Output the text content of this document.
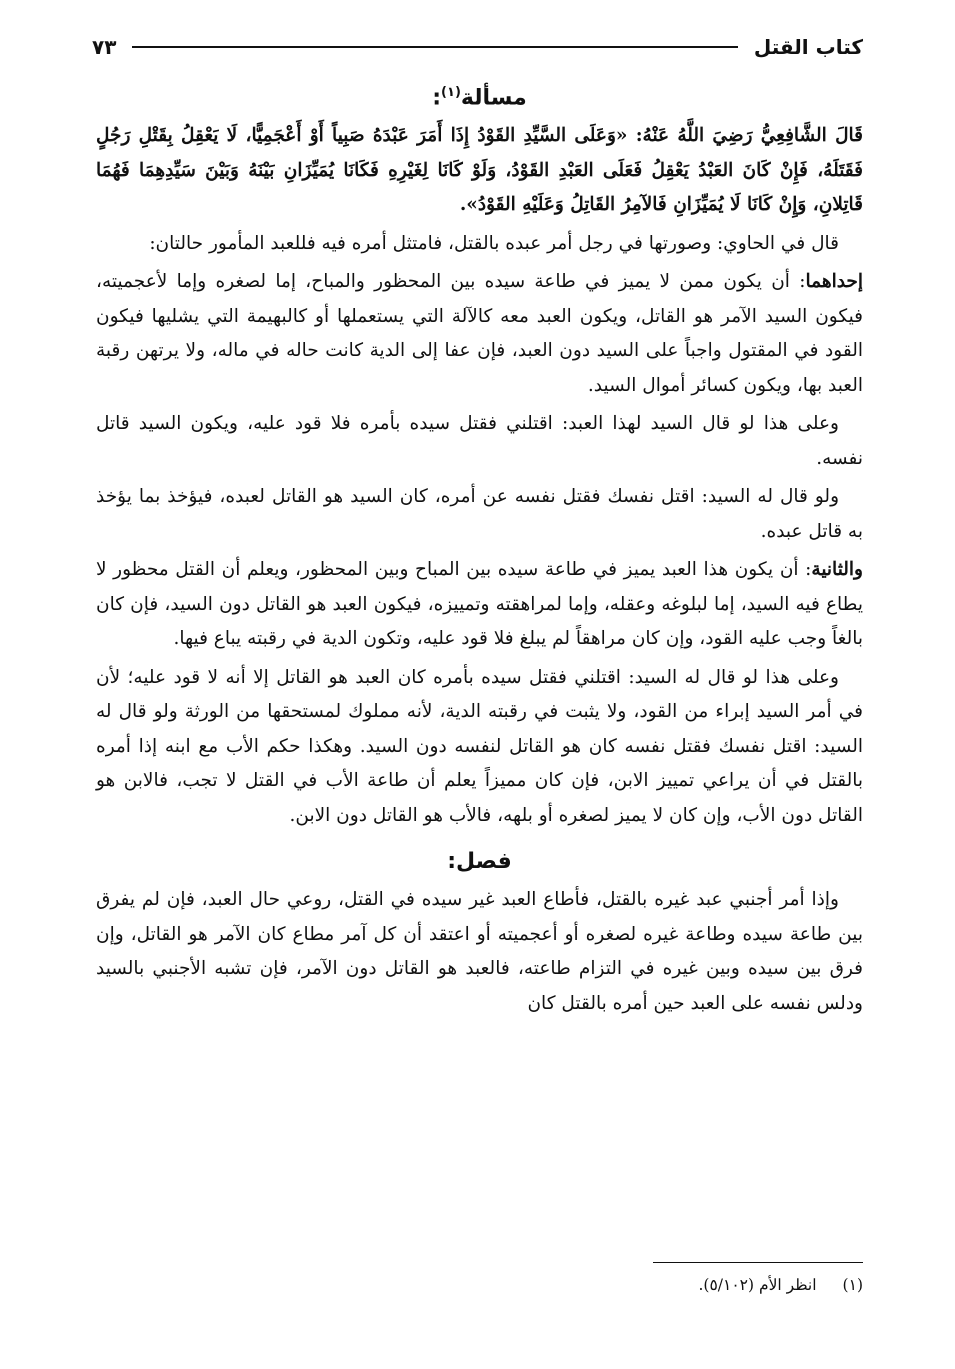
كتاب القتل
٧٣
مسألة$^{(١)}$:

قَالَ الشَّافِعِيُّ رَضِيَ اللَّهُ عَنْهُ: «وَعَلَى السَّيِّدِ القَوْدُ إِذَا أَمَرَ عَبْدَهُ صَبِياً أَوْ أَعْجَمِيًّا، لَا يَعْقِلُ بِقَتْلِ رَجُلٍ فَقَتَلَهُ، فَإِنْ كَانَ العَبْدُ يَعْقِلُ فَعَلَى العَبْدِ القَوْدُ، وَلَوْ كَانَا لِغَيْرِهِ فَكَانَا يُمَيِّزَانِ بَيْنَهُ وَبَيْنَ سَيِّدِهِمَا فَهُمَا قَاتِلانِ، وَإِنْ كَانَا لَا يُمَيِّزَانِ فَالآمِرُ القَاتِلُ وَعَلَيْهِ القَوْدُ».

قال في الحاوي: وصورتها في رجل أمر عبده بالقتل، فامتثل أمره فيه فللعبد المأمور حالتان:

إحداهما: أن يكون ممن لا يميز في طاعة سيده بين المحظور والمباح، إما لصغره وإما لأعجميته، فيكون السيد الآمر هو القاتل، ويكون العبد معه كالآلة التي يستعملها أو كالبهيمة التي يشليها فيكون القود في المقتول واجباً على السيد دون العبد، فإن عفا إلى الدية كانت حاله في ماله، ولا يرتهن رقبة العبد بها، ويكون كسائر أموال السيد.

وعلى هذا لو قال السيد لهذا العبد: اقتلني فقتل سيده بأمره فلا قود عليه، ويكون السيد قاتل نفسه.

ولو قال له السيد: اقتل نفسك فقتل نفسه عن أمره، كان السيد هو القاتل لعبده، فيؤخذ بما يؤخذ به قاتل عبده.

والثانية: أن يكون هذا العبد يميز في طاعة سيده بين المباح وبين المحظور، ويعلم أن القتل محظور لا يطاع فيه السيد، إما لبلوغه وعقله، وإما لمراهقته وتمييزه، فيكون العبد هو القاتل دون السيد، فإن كان بالغاً وجب عليه القود، وإن كان مراهقاً لم يبلغ فلا قود عليه، وتكون الدية في رقبته يباع فيها.

وعلى هذا لو قال له السيد: اقتلني فقتل سيده بأمره كان العبد هو القاتل إلا أنه لا قود عليه؛ لأن في أمر السيد إبراء من القود، ولا يثبت في رقبته الدية، لأنه مملوك لمستحقها من الورثة ولو قال له السيد: اقتل نفسك فقتل نفسه كان هو القاتل لنفسه دون السيد. وهكذا حكم الأب مع ابنه إذا أمره بالقتل في أن يراعي تمييز الابن، فإن كان مميزاً يعلم أن طاعة الأب في القتل لا تجب، فالابن هو القاتل دون الأب، وإن كان لا يميز لصغره أو بلهه، فالأب هو القاتل دون الابن.

فصل:

وإذا أمر أجنبي عبد غيره بالقتل، فأطاع العبد غير سيده في القتل، روعي حال العبد، فإن لم يفرق بين طاعة سيده وطاعة غيره لصغره أو أعجميته أو اعتقد أن كل آمر مطاع كان الآمر هو القاتل، وإن فرق بين سيده وبين غيره في التزام طاعته، فالعبد هو القاتل دون الآمر، فإن تشبه الأجنبي بالسيد ودلس نفسه على العبد حين أمره بالقتل كان

(١)انظر الأم (٥/١٠٢).
